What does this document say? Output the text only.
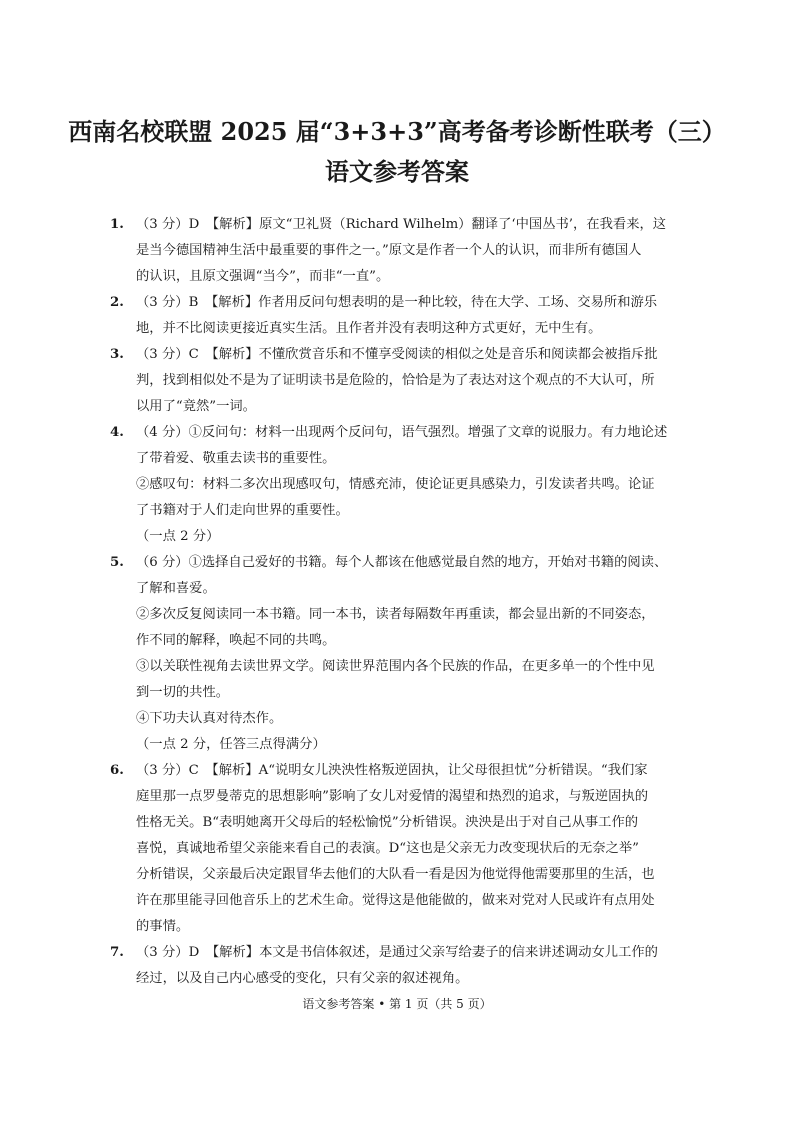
西南名校联盟 2025 届“3+3+3”高考备考诊断性联考（三）
语文参考答案
1. （3 分）D　【解析】原文“卫礼贤（Richard Wilhelm）翻译了‘中国丛书’，在我看来，这
是当今德国精神生活中最重要的事件之一。”原文是作者一个人的认识，而非所有德国人
的认识，且原文强调“当今”，而非“一直”。
2. （3 分）B　【解析】作者用反问句想表明的是一种比较，待在大学、工场、交易所和游乐
地，并不比阅读更接近真实生活。且作者并没有表明这种方式更好，无中生有。
3. （3 分）C　【解析】不懂欣赏音乐和不懂享受阅读的相似之处是音乐和阅读都会被指斥批
判，找到相似处不是为了证明读书是危险的，恰恰是为了表达对这个观点的不大认可，所
以用了“竟然”一词。
4. （4 分）①反问句：材料一出现两个反问句，语气强烈。增强了文章的说服力。有力地论述
了带着爱、敬重去读书的重要性。
②感叹句：材料二多次出现感叹句，情感充沛，使论证更具感染力，引发读者共鸣。论证
了书籍对于人们走向世界的重要性。
（一点 2 分）
5. （6 分）①选择自己爱好的书籍。每个人都该在他感觉最自然的地方，开始对书籍的阅读、
了解和喜爱。
②多次反复阅读同一本书籍。同一本书，读者每隔数年再重读，都会显出新的不同姿态，
作不同的解释，唤起不同的共鸣。
③以关联性视角去读世界文学。阅读世界范围内各个民族的作品，在更多单一的个性中见
到一切的共性。
④下功夫认真对待杰作。
（一点 2 分，任答三点得满分）
6. （3 分）C　【解析】A“说明女儿泱泱性格叛逆固执，让父母很担忧”分析错误。“我们家
庭里那一点罗曼蒂克的思想影响”影响了女儿对爱情的渴望和热烈的追求，与叛逆固执的
性格无关。B“表明她离开父母后的轻松愉悦”分析错误。泱泱是出于对自己从事工作的
喜悦，真诚地希望父亲能来看自己的表演。D“这也是父亲无力改变现状后的无奈之举”
分析错误，父亲最后决定跟冒华去他们的大队看一看是因为他觉得他需要那里的生活，也
许在那里能寻回他音乐上的艺术生命。觉得这是他能做的，做来对党对人民或许有点用处
的事情。
7. （3 分）D　【解析】本文是书信体叙述，是通过父亲写给妻子的信来讲述调动女儿工作的
经过，以及自己内心感受的变化，只有父亲的叙述视角。
语文参考答案 • 第 1 页（共 5 页）
